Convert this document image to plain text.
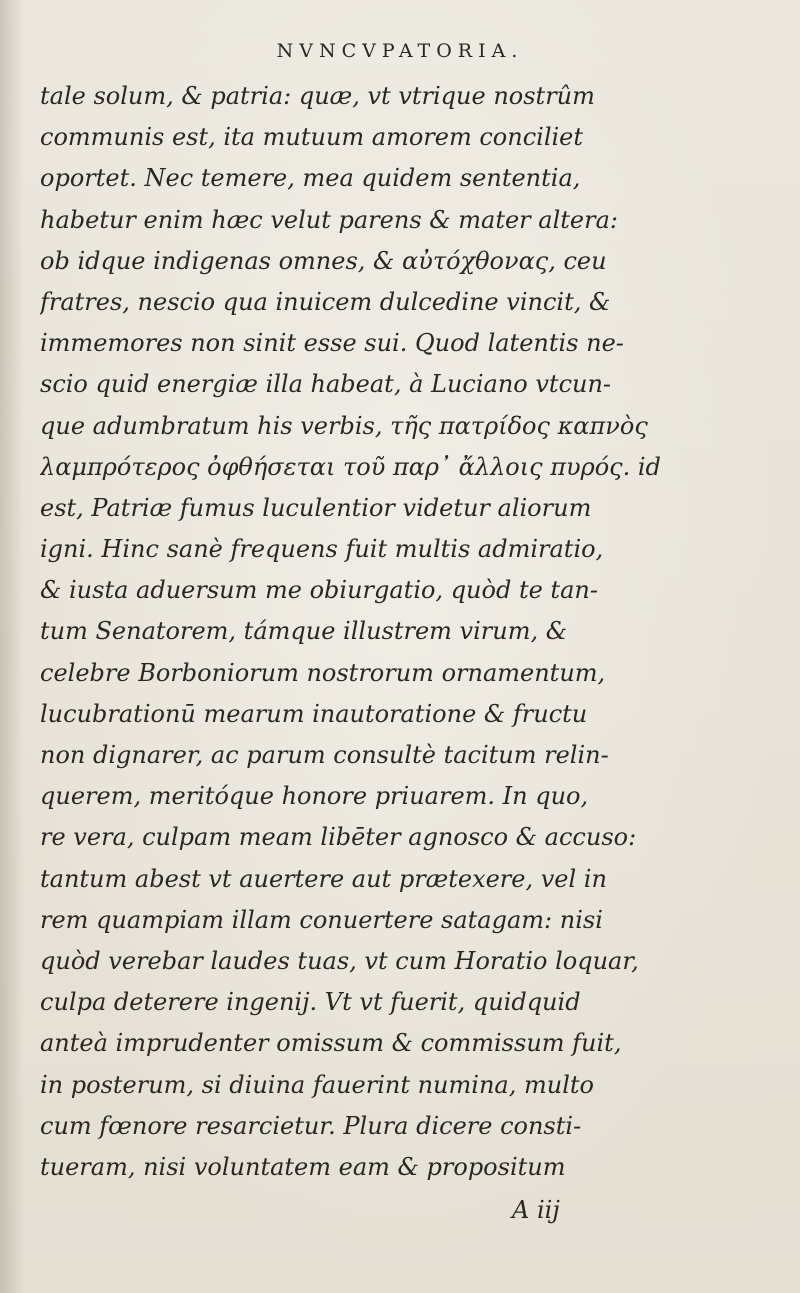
NVNCVPATORIA.
tale solum, & patria: quæ, vt vtrique nostrûm
communis est, ita mutuum amorem conciliet
oportet. Nec temere, mea quidem sententia,
habetur enim hæc velut parens & mater altera:
ob idque indigenas omnes, & αὐτόχθονας, ceu
fratres, nescio qua inuicem dulcedine vincit, &
immemores non sinit esse sui. Quod latentis ne-
scio quid energiæ illa habeat, à Luciano vtcun-
que adumbratum his verbis, τῆς πατρίδος καπνὸς
λαμπρότερος ὀφθήσεται τοῦ παρ᾽ ἄλλοις πυρός. id
est, Patriæ fumus luculentior videtur aliorum
igni. Hinc sanè frequens fuit multis admiratio,
& iusta aduersum me obiurgatio, quòd te tan-
tum Senatorem, támque illustrem virum, &
celebre Borboniorum nostrorum ornamentum,
lucubrationū mearum inautoratione & fructu
non dignarer, ac parum consultè tacitum relin-
querem, meritóque honore priuarem. In quo,
re vera, culpam meam libēter agnosco & accuso:
tantum abest vt auertere aut prætexere, vel in
rem quampiam illam conuertere satagam: nisi
quòd verebar laudes tuas, vt cum Horatio loquar,
culpa deterere ingenij. Vt vt fuerit, quidquid
anteà imprudenter omissum & commissum fuit,
in posterum, si diuina fauerint numina, multo
cum fœnore resarcietur. Plura dicere consti-
tueram, nisi voluntatem eam & propositum
A iij
